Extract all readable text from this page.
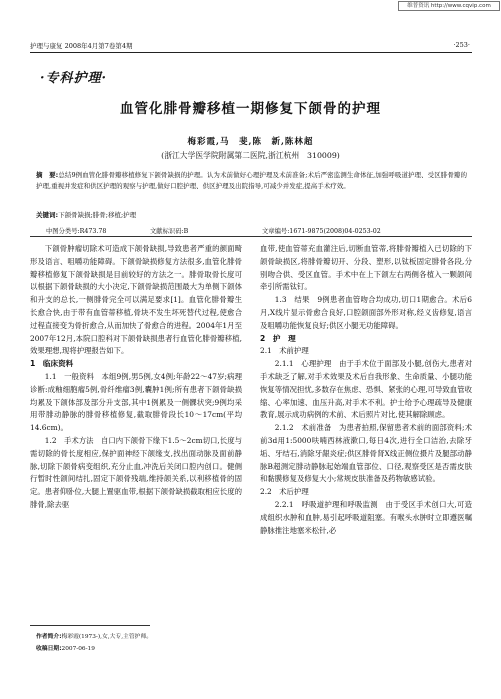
维普资讯 http://www.cqvip.com
护理与康复 2008年4月第7卷第4期	·253·
·专科护理·
血管化腓骨瓣移植一期修复下颌骨的护理
梅彩霞,马　斐,陈　新,陈林超
(浙江大学医学院附属第二医院,浙江杭州　310009)
摘　要:总结9例血管化腓骨瓣移植修复下颌骨缺损的护理。认为术前做好心理护理及术前准备;术后严密监测生命体征,加强呼吸道护理、受区腓骨瓣的护理,重视并发症和供区护理的观察与护理,做好口腔护理、供区护理及出院指导,可减少并发症,提高手术疗效。
关键词:下颌骨缺损;腓骨;移植;护理
中图分类号:R473.78	文献标识码:B	文章编号:1671-9875(2008)04-0253-02

下颌骨肿瘤切除术可造成下颌骨缺损,导致患者严重的颜面畸形及语言、咀嚼功能障碍。下颌骨缺损修复方法很多,血管化腓骨瓣移植修复下颌骨缺损是目前较好的方法之一。腓骨取骨长度可以根据下颌骨缺损的大小决定,下颌骨缺损范围最大为单侧下颌体和升支的总长,一侧腓骨完全可以满足要求[1]。血管化腓骨瓣生长愈合快,由于带有血管蒂移植,骨块不发生坏死替代过程,使愈合过程直接变为骨折愈合,从而加快了骨愈合的进程。2004年1月至2007年12月,本院口腔科对下颌骨缺损患者行血管化腓骨瓣移植,效果理想,现将护理报告如下。

1　临床资料

1.1　一般资料　本组9例,男5例,女4例;年龄22～47岁;病理诊断:成釉细胞瘤5例,骨纤维瘤3例,囊肿1例;所有患者下颌骨缺损均累及下颌体部及部分升支部,其中1例累及一侧髁状突;9例均采用带腓动静脉的腓骨移植修复,截取腓骨段长10～17cm(平均14.6cm)。

1.2　手术方法　自口内下颌骨下缘下1.5～2cm切口,长度与需切除的骨长度相应,保护面神经下颌缘支,找出面动脉及面前静脉,切除下颌骨病变组织,充分止血,冲洗后关闭口腔内创口。健侧行暂时性颌间结扎,固定下颌骨残端,维持颌关系,以利移植骨的固定。患者仰卧位,大腿上置驱血带,根据下颌骨缺损截取相应长度的腓骨,除去驱

血带,使血管蒂充血灌注后,切断血管蒂,将腓骨瓣植入已切除的下颌骨缺损区,将腓骨瓣切开、分段、塑形,以钛板固定腓骨各段,分别吻合供、受区血管。手术中在上下颌左右两侧各植入一颗颌间牵引所需钛钉。

1.3　结果　9例患者血管吻合均成功,切口1期愈合。术后6月,X线片显示骨愈合良好,口腔颌面部外形对称,经义齿修复,语言及咀嚼功能恢复良好;供区小腿无功能障碍。

2　护　理

2.1　术前护理

2.1.1　心理护理　由于手术位于面部及小腿,创伤大,患者对手术缺乏了解,对手术效果及术后自我形象、生命质量、小腿功能恢复等情况担忧,多数存在焦虑、恐惧、紧张的心理,可导致血管收缩、心率加速、血压升高,对手术不利。护士给予心理疏导及健康教育,展示成功病例的术前、术后照片对比,使其解除顾虑。

2.1.2　术前准备　为患者拍照,保留患者术前的面部资料;术前3d用1:5000呋喃西林液漱口,每日4次,进行全口洁治,去除牙垢、牙结石,消除牙龈炎症;供区腓骨肾X线正侧位摄片及腿部动静脉B超测定腓动静脉起始端血管部位、口径,观察受区是否需皮肤和黏膜修复及修复大小;常规皮肤准备及药物敏感试验。

2.2　术后护理

2.2.1　呼吸道护理和呼吸监测　由于受区手术创口大,可造成组织水肿和血肿,易引起呼吸道阻塞。有喉头水肿时立即遵医嘱静脉推注地塞米松针,必

作者简介:梅彩霞(1973-),女,大专,主管护师。
收稿日期:2007-06-19
